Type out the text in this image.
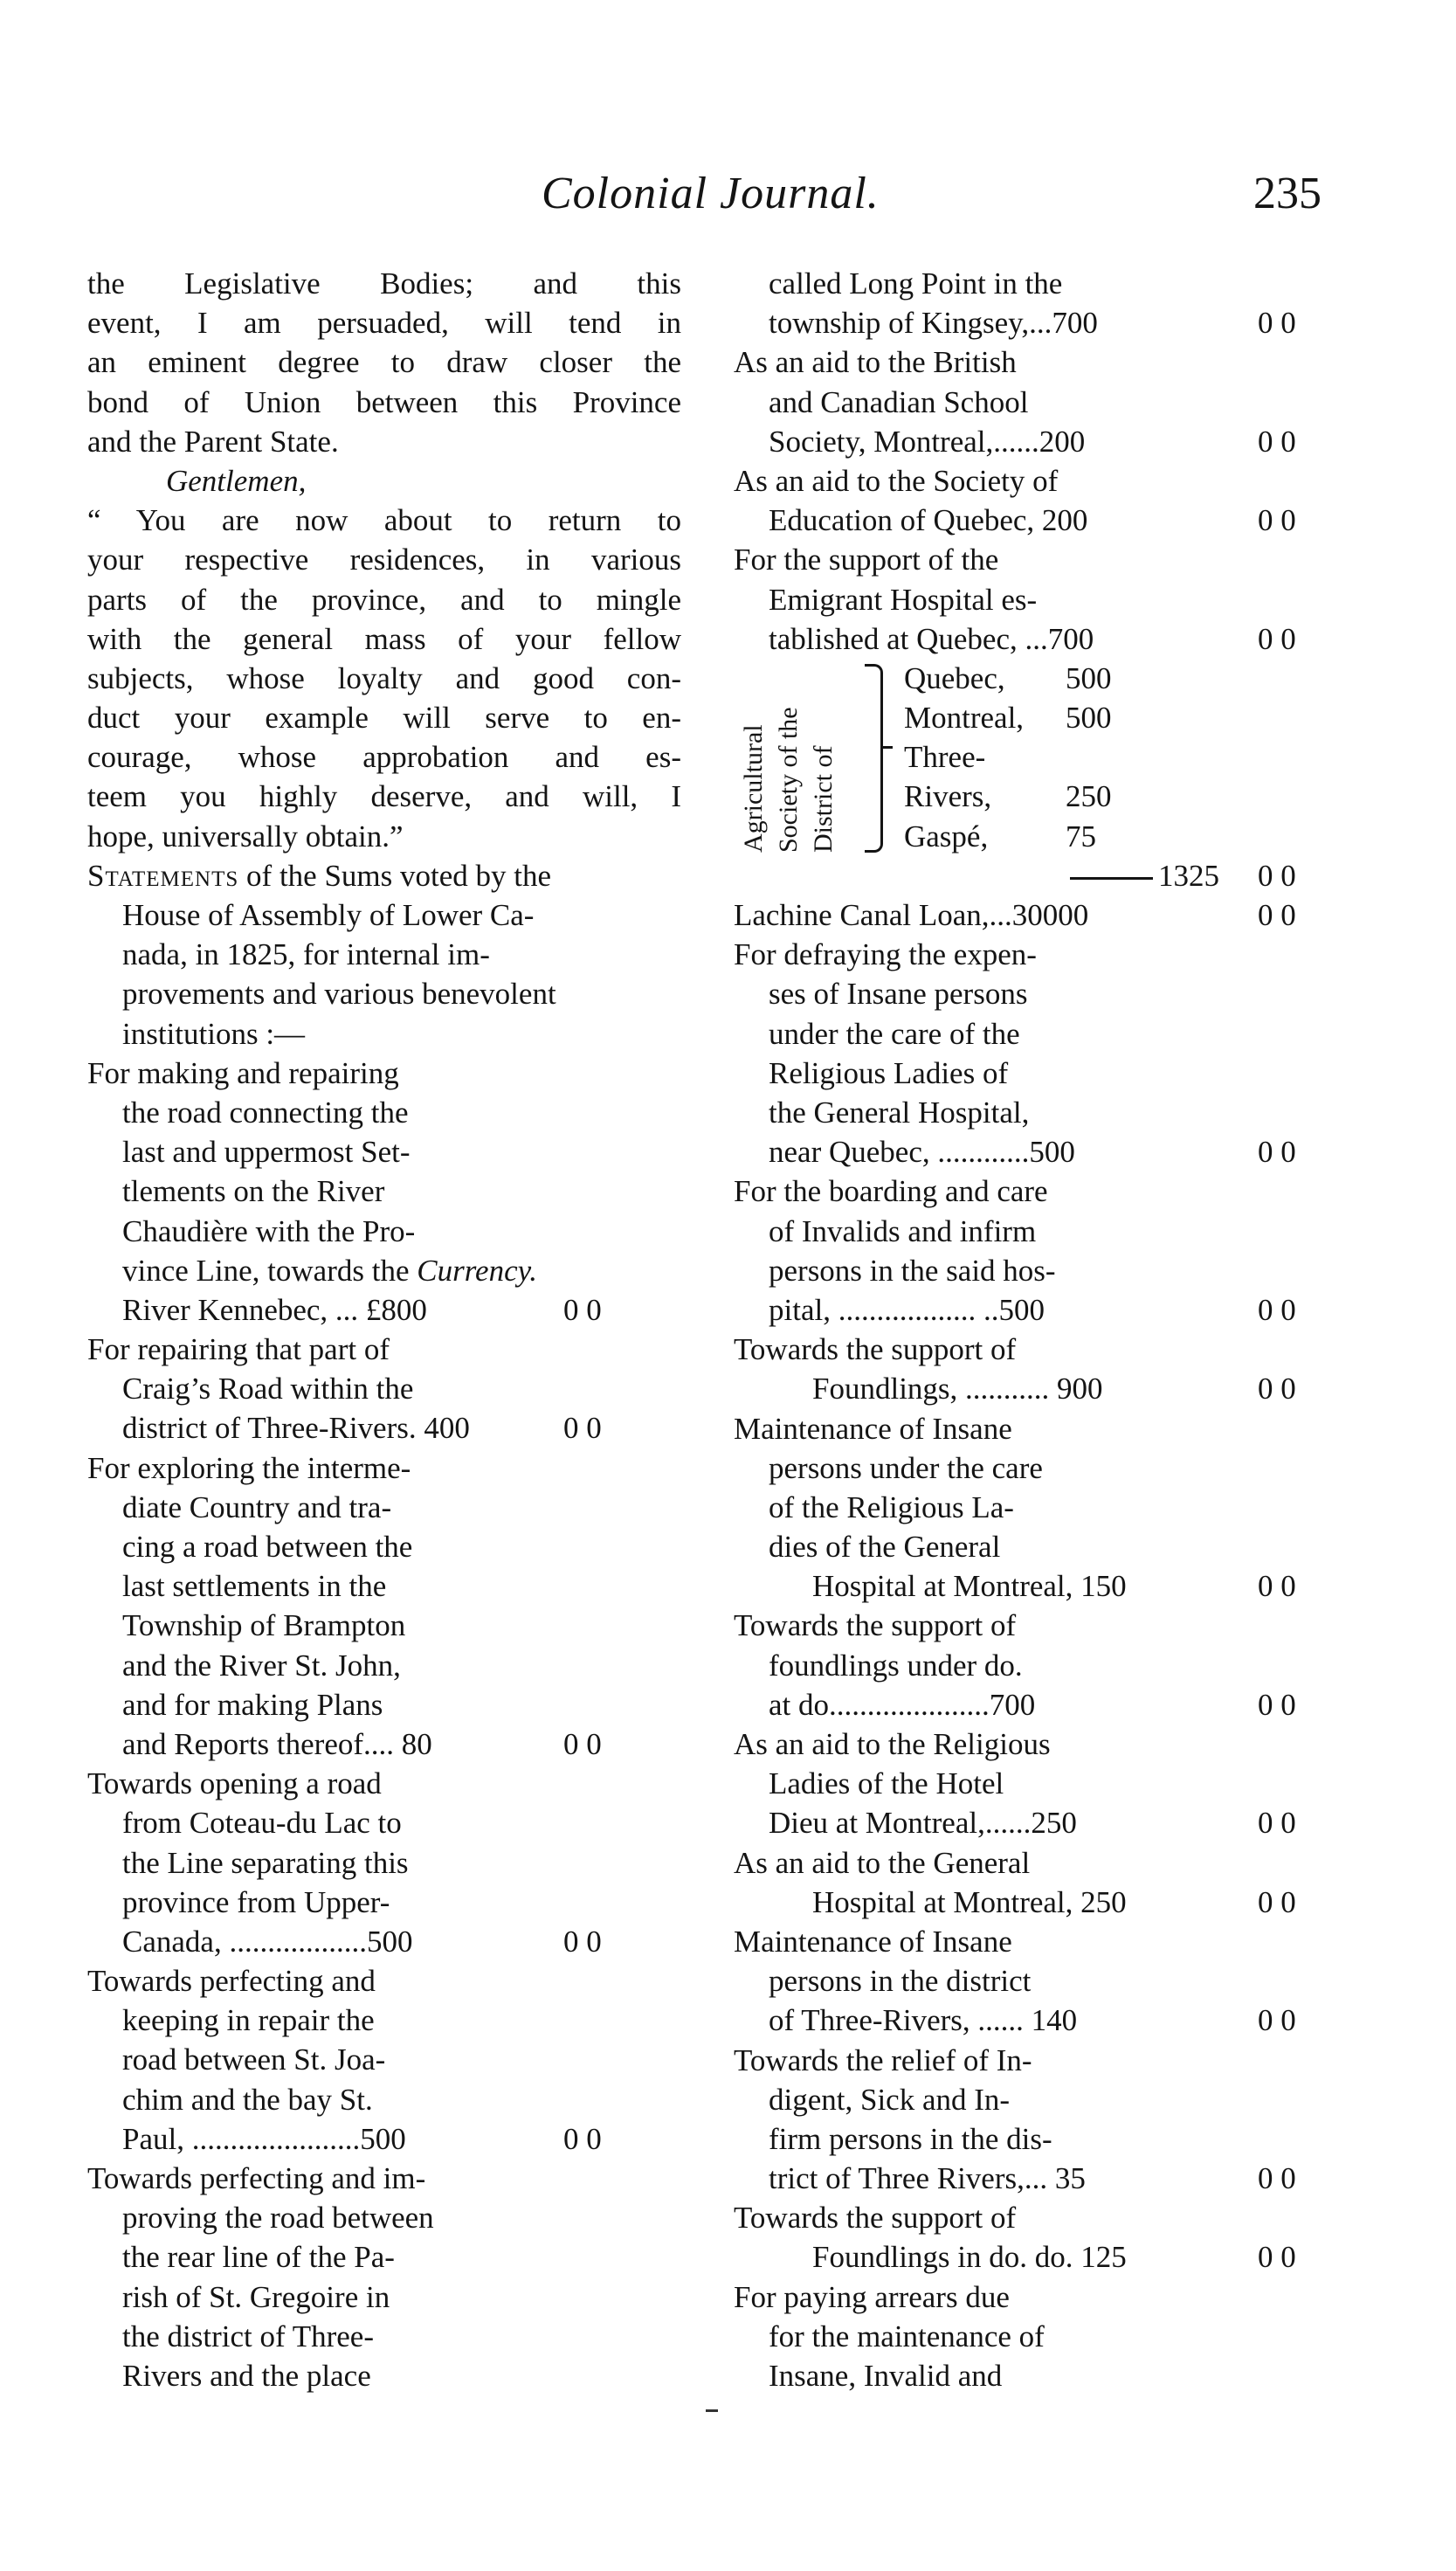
Colonial Journal.	235
the Legislative Bodies; and this
event, I am persuaded, will tend in
an eminent degree to draw closer the
bond of Union between this Province
and the Parent State.
Gentlemen,
“ You are now about to return to
your respective residences, in various
parts of the province, and to mingle
with the general mass of your fellow
subjects, whose loyalty and good con-
duct your example will serve to en-
courage, whose approbation and es-
teem you highly deserve, and will, I
hope, universally obtain.”
Statements of the Sums voted by the
House of Assembly of Lower Ca-
nada, in 1825, for internal im-
provements and various benevolent
institutions :—
For making and repairing
the road connecting the
last and uppermost Set-
tlements on the River
Chaudière with the Pro-
vince Line, towards the Currency.
River Kennebec, ... £800	0 0
For repairing that part of
Craig’s Road within the
district of Three-Rivers. 400	0 0
For exploring the interme-
diate Country and tra-
cing a road between the
last settlements in the
Township of Brampton
and the River St. John,
and for making Plans
and Reports thereof.... 80	0 0
Towards opening a road
from Coteau-du Lac to
the Line separating this
province from Upper-
Canada, ..................500	0 0
Towards perfecting and
keeping in repair the
road between St. Joa-
chim and the bay St.
Paul, ......................500	0 0
Towards perfecting and im-
proving the road between
the rear line of the Pa-
rish of St. Gregoire in
the district of Three-
Rivers and the place
called Long Point in the
township of Kingsey,...700	0 0
As an aid to the British
and Canadian School
Society, Montreal,......200	0 0
As an aid to the Society of
Education of Quebec, 200	0 0
For the support of the
Emigrant Hospital es-
tablished at Quebec, ...700	0 0
Agricultural Society of the District of
Quebec, 500
Montreal, 500
Three-
Rivers, 250
Gaspé,	75
1325 0 0
Lachine Canal Loan,...30000	0 0
For defraying the expen-
ses of Insane persons
under the care of the
Religious Ladies of
the General Hospital,
near Quebec, ............500	0 0
For the boarding and care
of Invalids and infirm
persons in the said hos-
pital, .................. ..500	0 0
Towards the support of
Foundlings, ........... 900	0 0
Maintenance of Insane
persons under the care
of the Religious La-
dies of the General
Hospital at Montreal, 150	0 0
Towards the support of
foundlings under do.
at do.....................700	0 0
As an aid to the Religious
Ladies of the Hotel
Dieu at Montreal,......250	0 0
As an aid to the General
Hospital at Montreal, 250	0 0
Maintenance of Insane
persons in the district
of Three-Rivers, ...... 140	0 0
Towards the relief of In-
digent, Sick and In-
firm persons in the dis-
trict of Three Rivers,... 35	0 0
Towards the support of
Foundlings in do. do. 125	0 0
For paying arrears due
for the maintenance of
Insane, Invalid and
